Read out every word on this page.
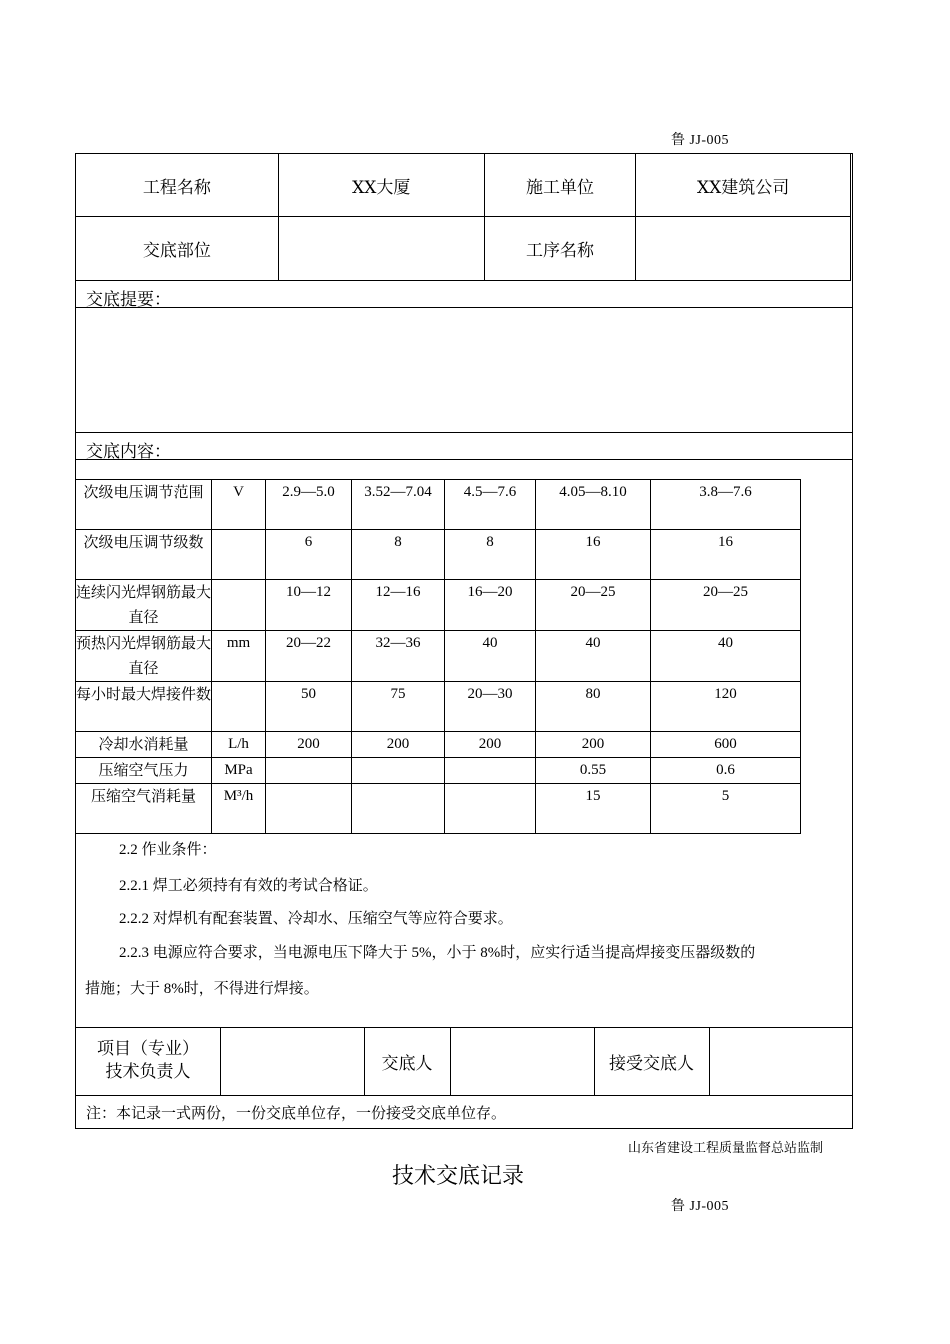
鲁 JJ-005
工程名称	XX大厦	施工单位	XX建筑公司
交底部位		工序名称	
交底提要：
交底内容：
项目（专业）
技术负责人	交底人	接受交底人
注：本记录一式两份，一份交底单位存，一份接受交底单位存。
次级电压调节范围	V	2.9—5.0	3.52—7.04	4.5—7.6	4.05—8.10	3.8—7.6
次级电压调节级数		6	8	8	16	16
连续闪光焊钢筋最大直径		10—12	12—16	16—20	20—25	20—25
预热闪光焊钢筋最大直径	mm	20—22	32—36	40	40	40
每小时最大焊接件数		50	75	20—30	80	120
冷却水消耗量	L/h	200	200	200	200	600
压缩空气压力	MPa				0.55	0.6
压缩空气消耗量	M³/h				15	5
2.2 作业条件：
2.2.1 焊工必须持有有效的考试合格证。
2.2.2 对焊机有配套装置、冷却水、压缩空气等应符合要求。
2.2.3 电源应符合要求，当电源电压下降大于 5%，小于 8%时，应实行适当提高焊接变压器级数的
措施；大于 8%时，不得进行焊接。
山东省建设工程质量监督总站监制
技术交底记录
鲁 JJ-005
